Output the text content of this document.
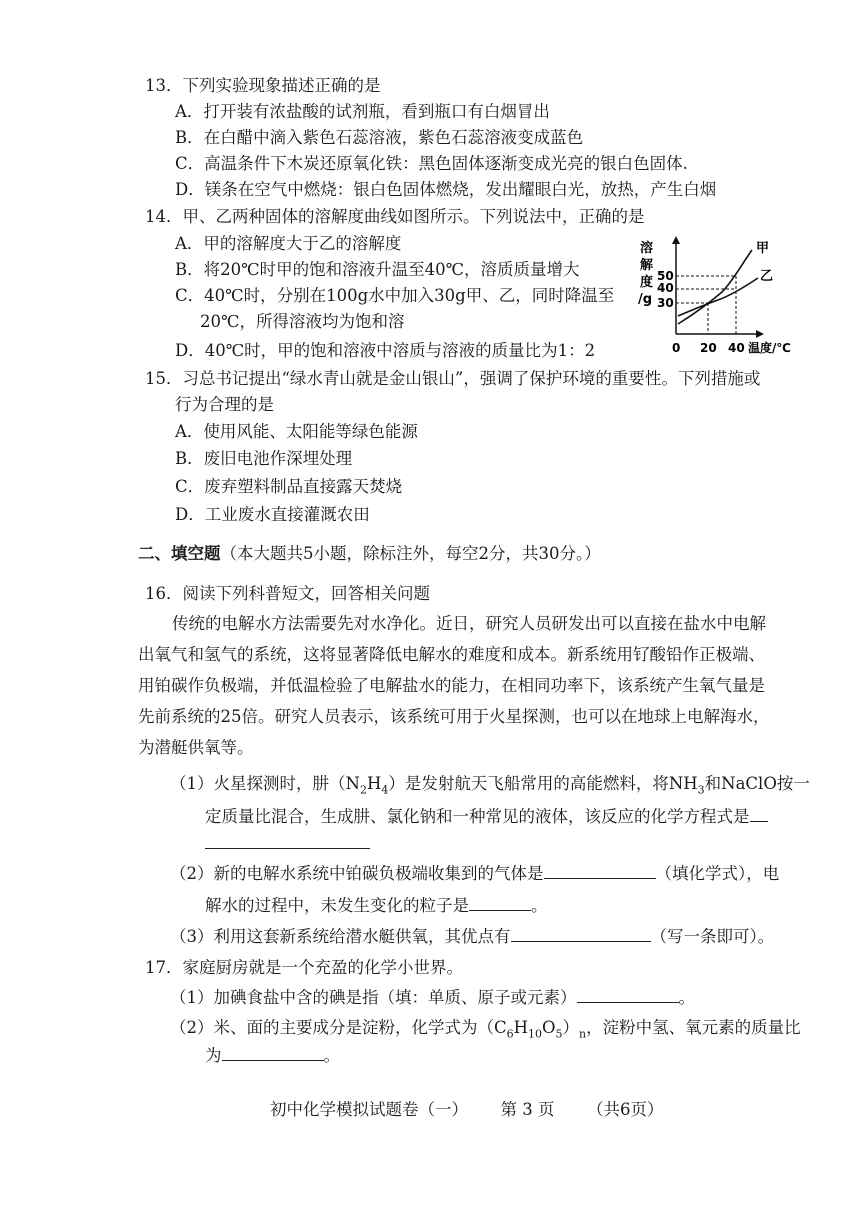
13．下列实验现象描述正确的是
A．打开装有浓盐酸的试剂瓶，看到瓶口有白烟冒出
B．在白醋中滴入紫色石蕊溶液，紫色石蕊溶液变成蓝色
C．高温条件下木炭还原氧化铁：黑色固体逐渐变成光亮的银白色固体.
D．镁条在空气中燃烧：银白色固体燃烧，发出耀眼白光，放热，产生白烟
14．甲、乙两种固体的溶解度曲线如图所示。下列说法中，正确的是
A．甲的溶解度大于乙的溶解度
B．将20℃时甲的饱和溶液升温至40℃，溶质质量增大
C．40℃时，分别在100g水中加入30g甲、乙，同时降温至
20℃，所得溶液均为饱和溶
D．40℃时，甲的饱和溶液中溶质与溶液的质量比为1：2
溶
解
度
/g
50
40
30
甲
乙
0 20 40 温度/℃
15．习总书记提出“绿水青山就是金山银山”，强调了保护环境的重要性。下列措施或
行为合理的是
A．使用风能、太阳能等绿色能源
B．废旧电池作深埋处理
C．废弃塑料制品直接露天焚烧
D．工业废水直接灌溉农田
二、填空题（本大题共5小题，除标注外，每空2分，共30分。）
16．阅读下列科普短文，回答相关问题
传统的电解水方法需要先对水净化。近日，研究人员研发出可以直接在盐水中电解
出氧气和氢气的系统，这将显著降低电解水的难度和成本。新系统用钌酸铅作正极端、
用铂碳作负极端，并低温检验了电解盐水的能力，在相同功率下，该系统产生氧气量是
先前系统的25倍。研究人员表示，该系统可用于火星探测，也可以在地球上电解海水，
为潜艇供氧等。
（1）火星探测时，肼$(N_2H_4)$是发射航天飞船常用的高能燃料，将$NH_3$和NaClO按一
定质量比混合，生成肼、氯化钠和一种常见的液体，该反应的化学方程式是
（2）新的电解水系统中铂碳负极端收集到的气体是	（填化学式），电
解水的过程中，未发生变化的粒子是	。
（3）利用这套新系统给潜水艇供氧，其优点有	（写一条即可）。
17．家庭厨房就是一个充盈的化学小世界。
（1）加碘食盐中含的碘是指（填：单质、原子或元素）	。
（2）米、面的主要成分是淀粉，化学式为$(C_6H_{10}O_5)_n$，淀粉中氢、氧元素的质量比
为	。
初中化学模拟试题卷（一） 第 3 页 （共6页）
